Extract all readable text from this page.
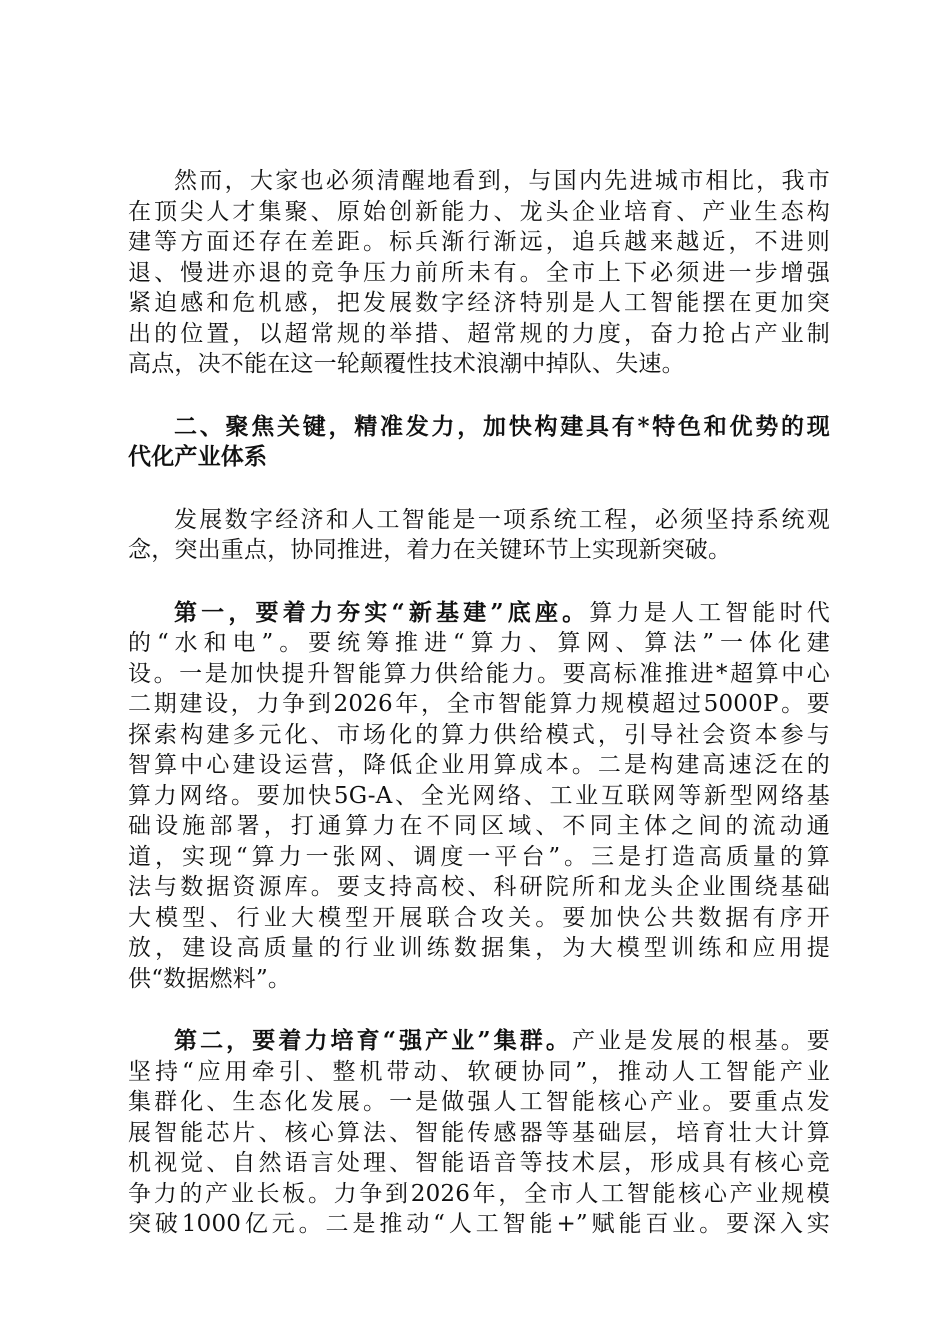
然而，大家也必须清醒地看到，与国内先进城市相比，我市
在顶尖人才集聚、原始创新能力、龙头企业培育、产业生态构
建等方面还存在差距。标兵渐行渐远，追兵越来越近，不进则
退、慢进亦退的竞争压力前所未有。全市上下必须进一步增强
紧迫感和危机感，把发展数字经济特别是人工智能摆在更加突
出的位置，以超常规的举措、超常规的力度，奋力抢占产业制
高点，决不能在这一轮颠覆性技术浪潮中掉队、失速。
二、聚焦关键，精准发力，加快构建具有*特色和优势的现
代化产业体系
发展数字经济和人工智能是一项系统工程，必须坚持系统观
念，突出重点，协同推进，着力在关键环节上实现新突破。
第一，要着力夯实“新基建”底座。算力是人工智能时代
的“水和电”。要统筹推进“算力、算网、算法”一体化建
设。一是加快提升智能算力供给能力。要高标准推进*超算中心
二期建设，力争到2026年，全市智能算力规模超过5000P。要
探索构建多元化、市场化的算力供给模式，引导社会资本参与
智算中心建设运营，降低企业用算成本。二是构建高速泛在的
算力网络。要加快5G-A、全光网络、工业互联网等新型网络基
础设施部署，打通算力在不同区域、不同主体之间的流动通
道，实现“算力一张网、调度一平台”。三是打造高质量的算
法与数据资源库。要支持高校、科研院所和龙头企业围绕基础
大模型、行业大模型开展联合攻关。要加快公共数据有序开
放，建设高质量的行业训练数据集，为大模型训练和应用提
供“数据燃料”。
第二，要着力培育“强产业”集群。产业是发展的根基。要
坚持“应用牵引、整机带动、软硬协同”，推动人工智能产业
集群化、生态化发展。一是做强人工智能核心产业。要重点发
展智能芯片、核心算法、智能传感器等基础层，培育壮大计算
机视觉、自然语言处理、智能语音等技术层，形成具有核心竞
争力的产业长板。力争到2026年，全市人工智能核心产业规模
突破1000亿元。二是推动“人工智能+”赋能百业。要深入实
